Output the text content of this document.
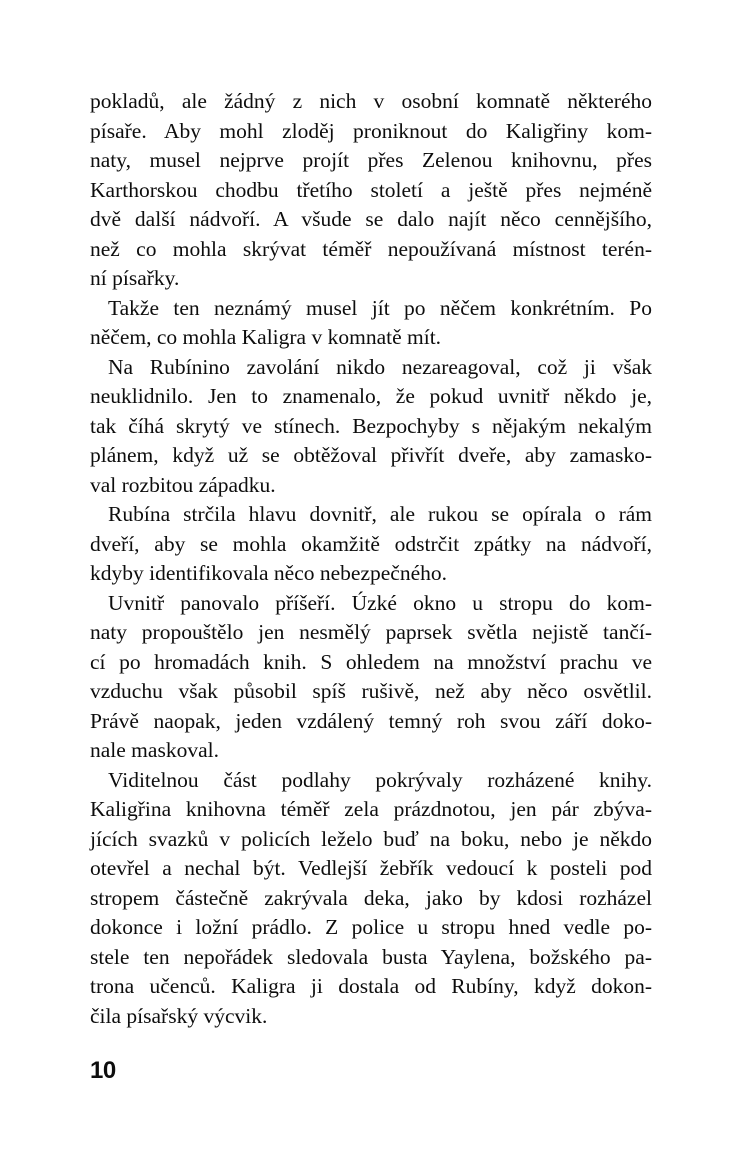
pokladů, ale žádný z nich v osobní komnatě některého
písaře. Aby mohl zloděj proniknout do Kaligřiny kom-
naty, musel nejprve projít přes Zelenou knihovnu, přes
Karthorskou chodbu třetího století a ještě přes nejméně
dvě další nádvoří. A všude se dalo najít něco cennějšího,
než co mohla skrývat téměř nepoužívaná místnost terén-
ní písařky.
Takže ten neznámý musel jít po něčem konkrétním. Po
něčem, co mohla Kaligra v komnatě mít.
Na Rubínino zavolání nikdo nezareagoval, což ji však
neuklidnilo. Jen to znamenalo, že pokud uvnitř někdo je,
tak číhá skrytý ve stínech. Bezpochyby s nějakým nekalým
plánem, když už se obtěžoval přivřít dveře, aby zamasko-
val rozbitou západku.
Rubína strčila hlavu dovnitř, ale rukou se opírala o rám
dveří, aby se mohla okamžitě odstrčit zpátky na nádvoří,
kdyby identifikovala něco nebezpečného.
Uvnitř panovalo příšeří. Úzké okno u stropu do kom-
naty propouštělo jen nesmělý paprsek světla nejistě tančí-
cí po hromadách knih. S ohledem na množství prachu ve
vzduchu však působil spíš rušivě, než aby něco osvětlil.
Právě naopak, jeden vzdálený temný roh svou září doko-
nale maskoval.
Viditelnou část podlahy pokrývaly rozházené knihy.
Kaligřina knihovna téměř zela prázdnotou, jen pár zbýva-
jících svazků v policích leželo buď na boku, nebo je někdo
otevřel a nechal být. Vedlejší žebřík vedoucí k posteli pod
stropem částečně zakrývala deka, jako by kdosi rozházel
dokonce i ložní prádlo. Z police u stropu hned vedle po-
stele ten nepořádek sledovala busta Yaylena, božského pa-
trona učenců. Kaligra ji dostala od Rubíny, když dokon-
čila písařský výcvik.
10
